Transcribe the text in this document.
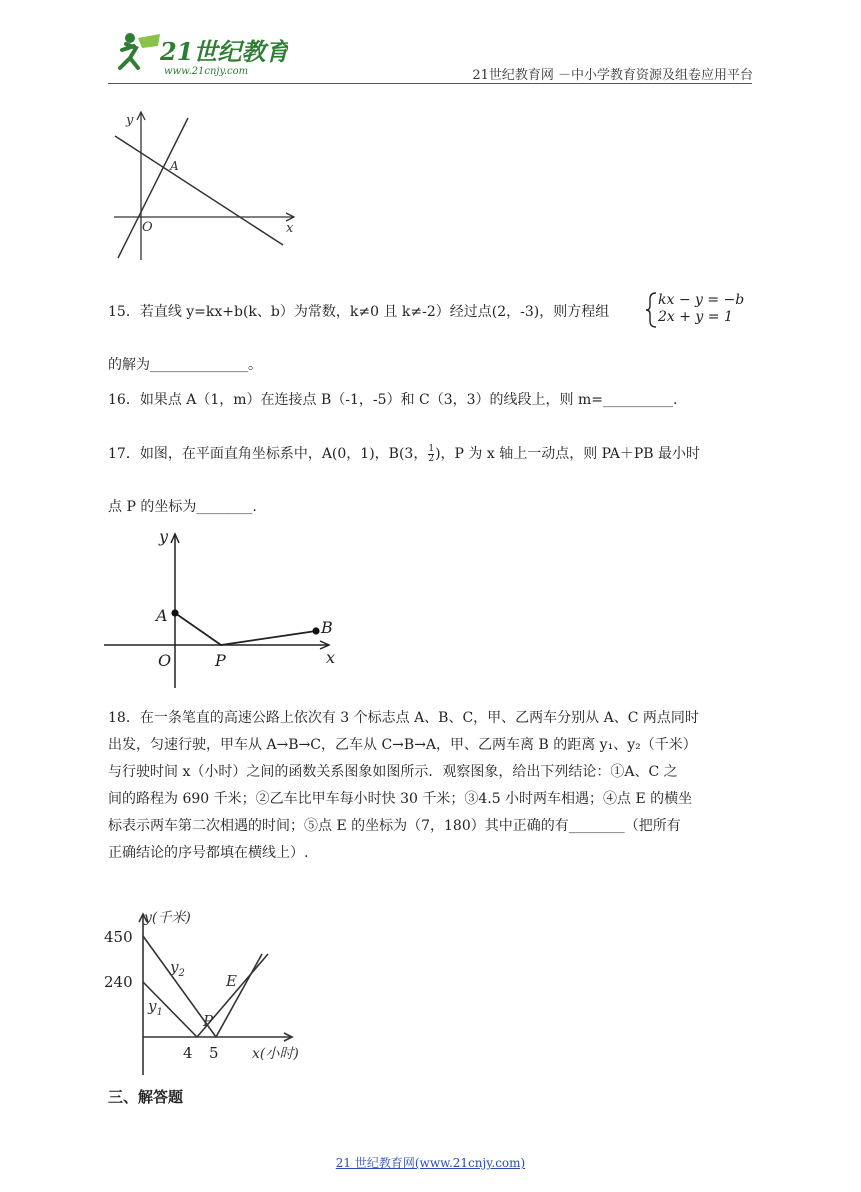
21世纪教育
www.21cnjy.com	21世纪教育网 －中小学教育资源及组卷应用平台
y
x
O
A
15．若直线 y=kx+b(k、b）为常数，k≠0 且 k≠-2）经过点(2，-3)，则方程组
kx − y = −b
2x + y = 1
的解为______________。
16．如果点 A（1，m）在连接点 B（-1，-5）和 C（3，3）的线段上，则 m=__________.
17．如图，在平面直角坐标系中，A(0，1)，B(3， $\frac{1}{2}$ )，P 为 x 轴上一动点，则 PA＋PB 最小时
点 P 的坐标为________.
y
x
O
A
P
B
18．在一条笔直的高速公路上依次有 3 个标志点 A、B、C，甲、乙两车分别从 A、C 两点同时
出发，匀速行驶，甲车从 A→B→C，乙车从 C→B→A，甲、乙两车离 B 的距离 y₁、y₂（千米）
与行驶时间 x（小时）之间的函数关系图象如图所示．观察图象，给出下列结论：①A、C 之
间的路程为 690 千米；②乙车比甲车每小时快 30 千米；③4.5 小时两车相遇；④点 E 的横坐
标表示两车第二次相遇的时间；⑤点 E 的坐标为（7，180）其中正确的有________（把所有
正确结论的序号都填在横线上）.
y(千米)
x(小时)
450
240
4 5
$y_1$
$y_2$
P
E
三、解答题
21 世纪教育网(www.21cnjy.com)
